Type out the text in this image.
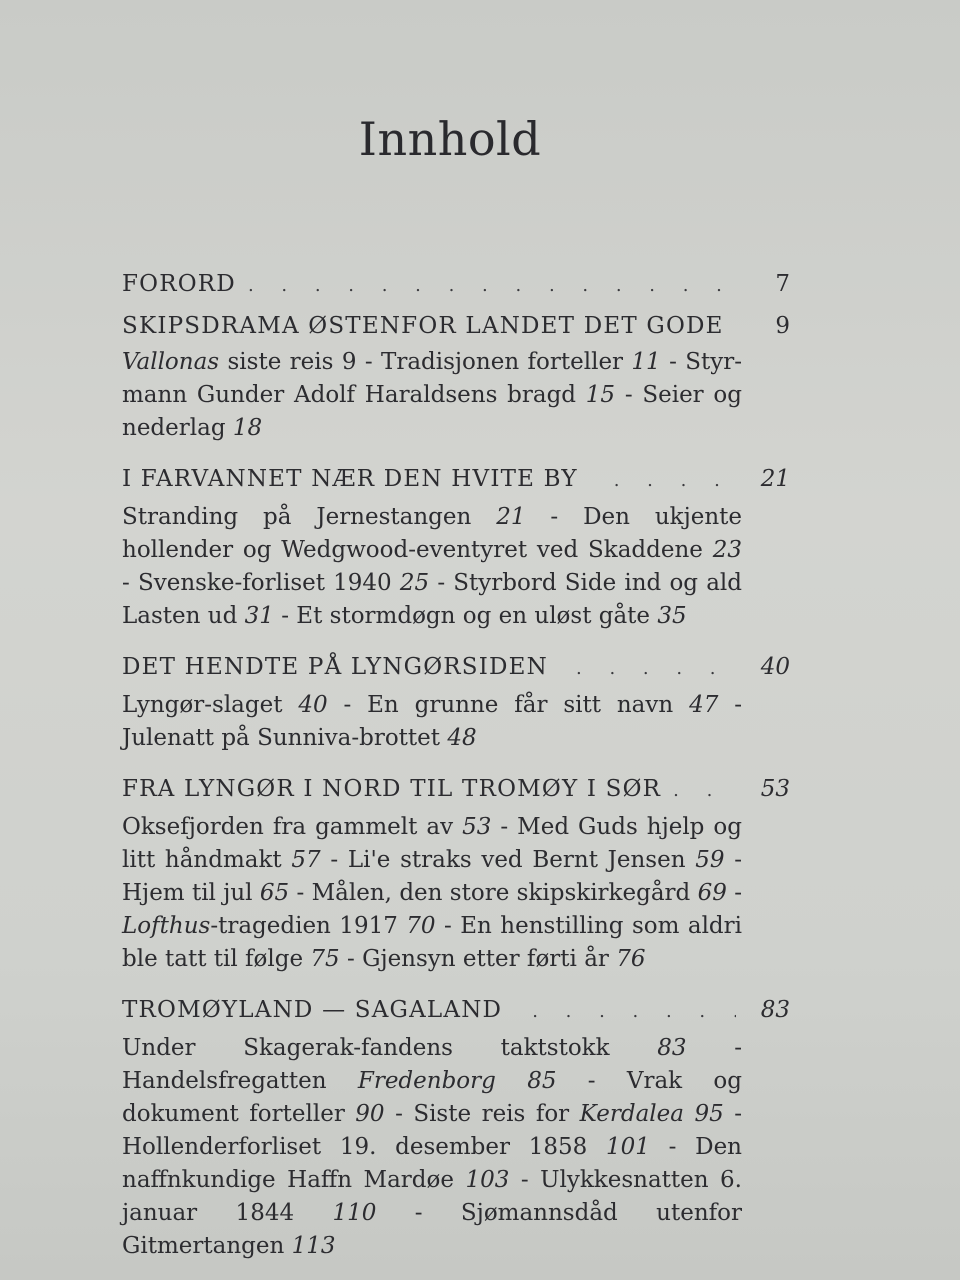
Innhold
FORORD . . .	7
SKIPSDRAMA ØSTENFOR LANDET DET GODE	9
Vallonas siste reis 9 - Tradisjonen forteller 11 - Styr-mann Gunder Adolf Haraldsens bragd 15 - Seier og nederlag 18
I FARVANNET NÆR DEN HVITE BY . . .	21
Stranding på Jernestangen 21 - Den ukjente hollender og Wedgwood-eventyret ved Skaddene 23 - Svenske-forliset 1940 25 - Styrbord Side ind og ald Lasten ud 31 - Et stormdøgn og en uløst gåte 35
DET HENDTE PÅ LYNGØRSIDEN . . .	40
Lyngør-slaget 40 - En grunne får sitt navn 47 - Julenatt på Sunniva-brottet 48
FRA LYNGØR I NORD TIL TROMØY I SØR . . .	53
Oksefjorden fra gammelt av 53 - Med Guds hjelp og litt håndmakt 57 - Li'e straks ved Bernt Jensen 59 - Hjem til jul 65 - Målen, den store skipskirkegård 69 - Lofthus-tragedien 1917 70 - En henstilling som aldri ble tatt til følge 75 - Gjensyn etter førti år 76
TROMØYLAND — SAGALAND . . .	83
Under Skagerak-fandens taktstokk 83 - Handelsfregatten Fredenborg 85 - Vrak og dokument forteller 90 - Siste reis for Kerdalea 95 - Hollenderforliset 19. desember 1858 101 - Den naffnkundige Haffn Mardøe 103 - Ulykkesnatten 6. januar 1844 110 - Sjømannsdåd utenfor Gitmertangen 113
